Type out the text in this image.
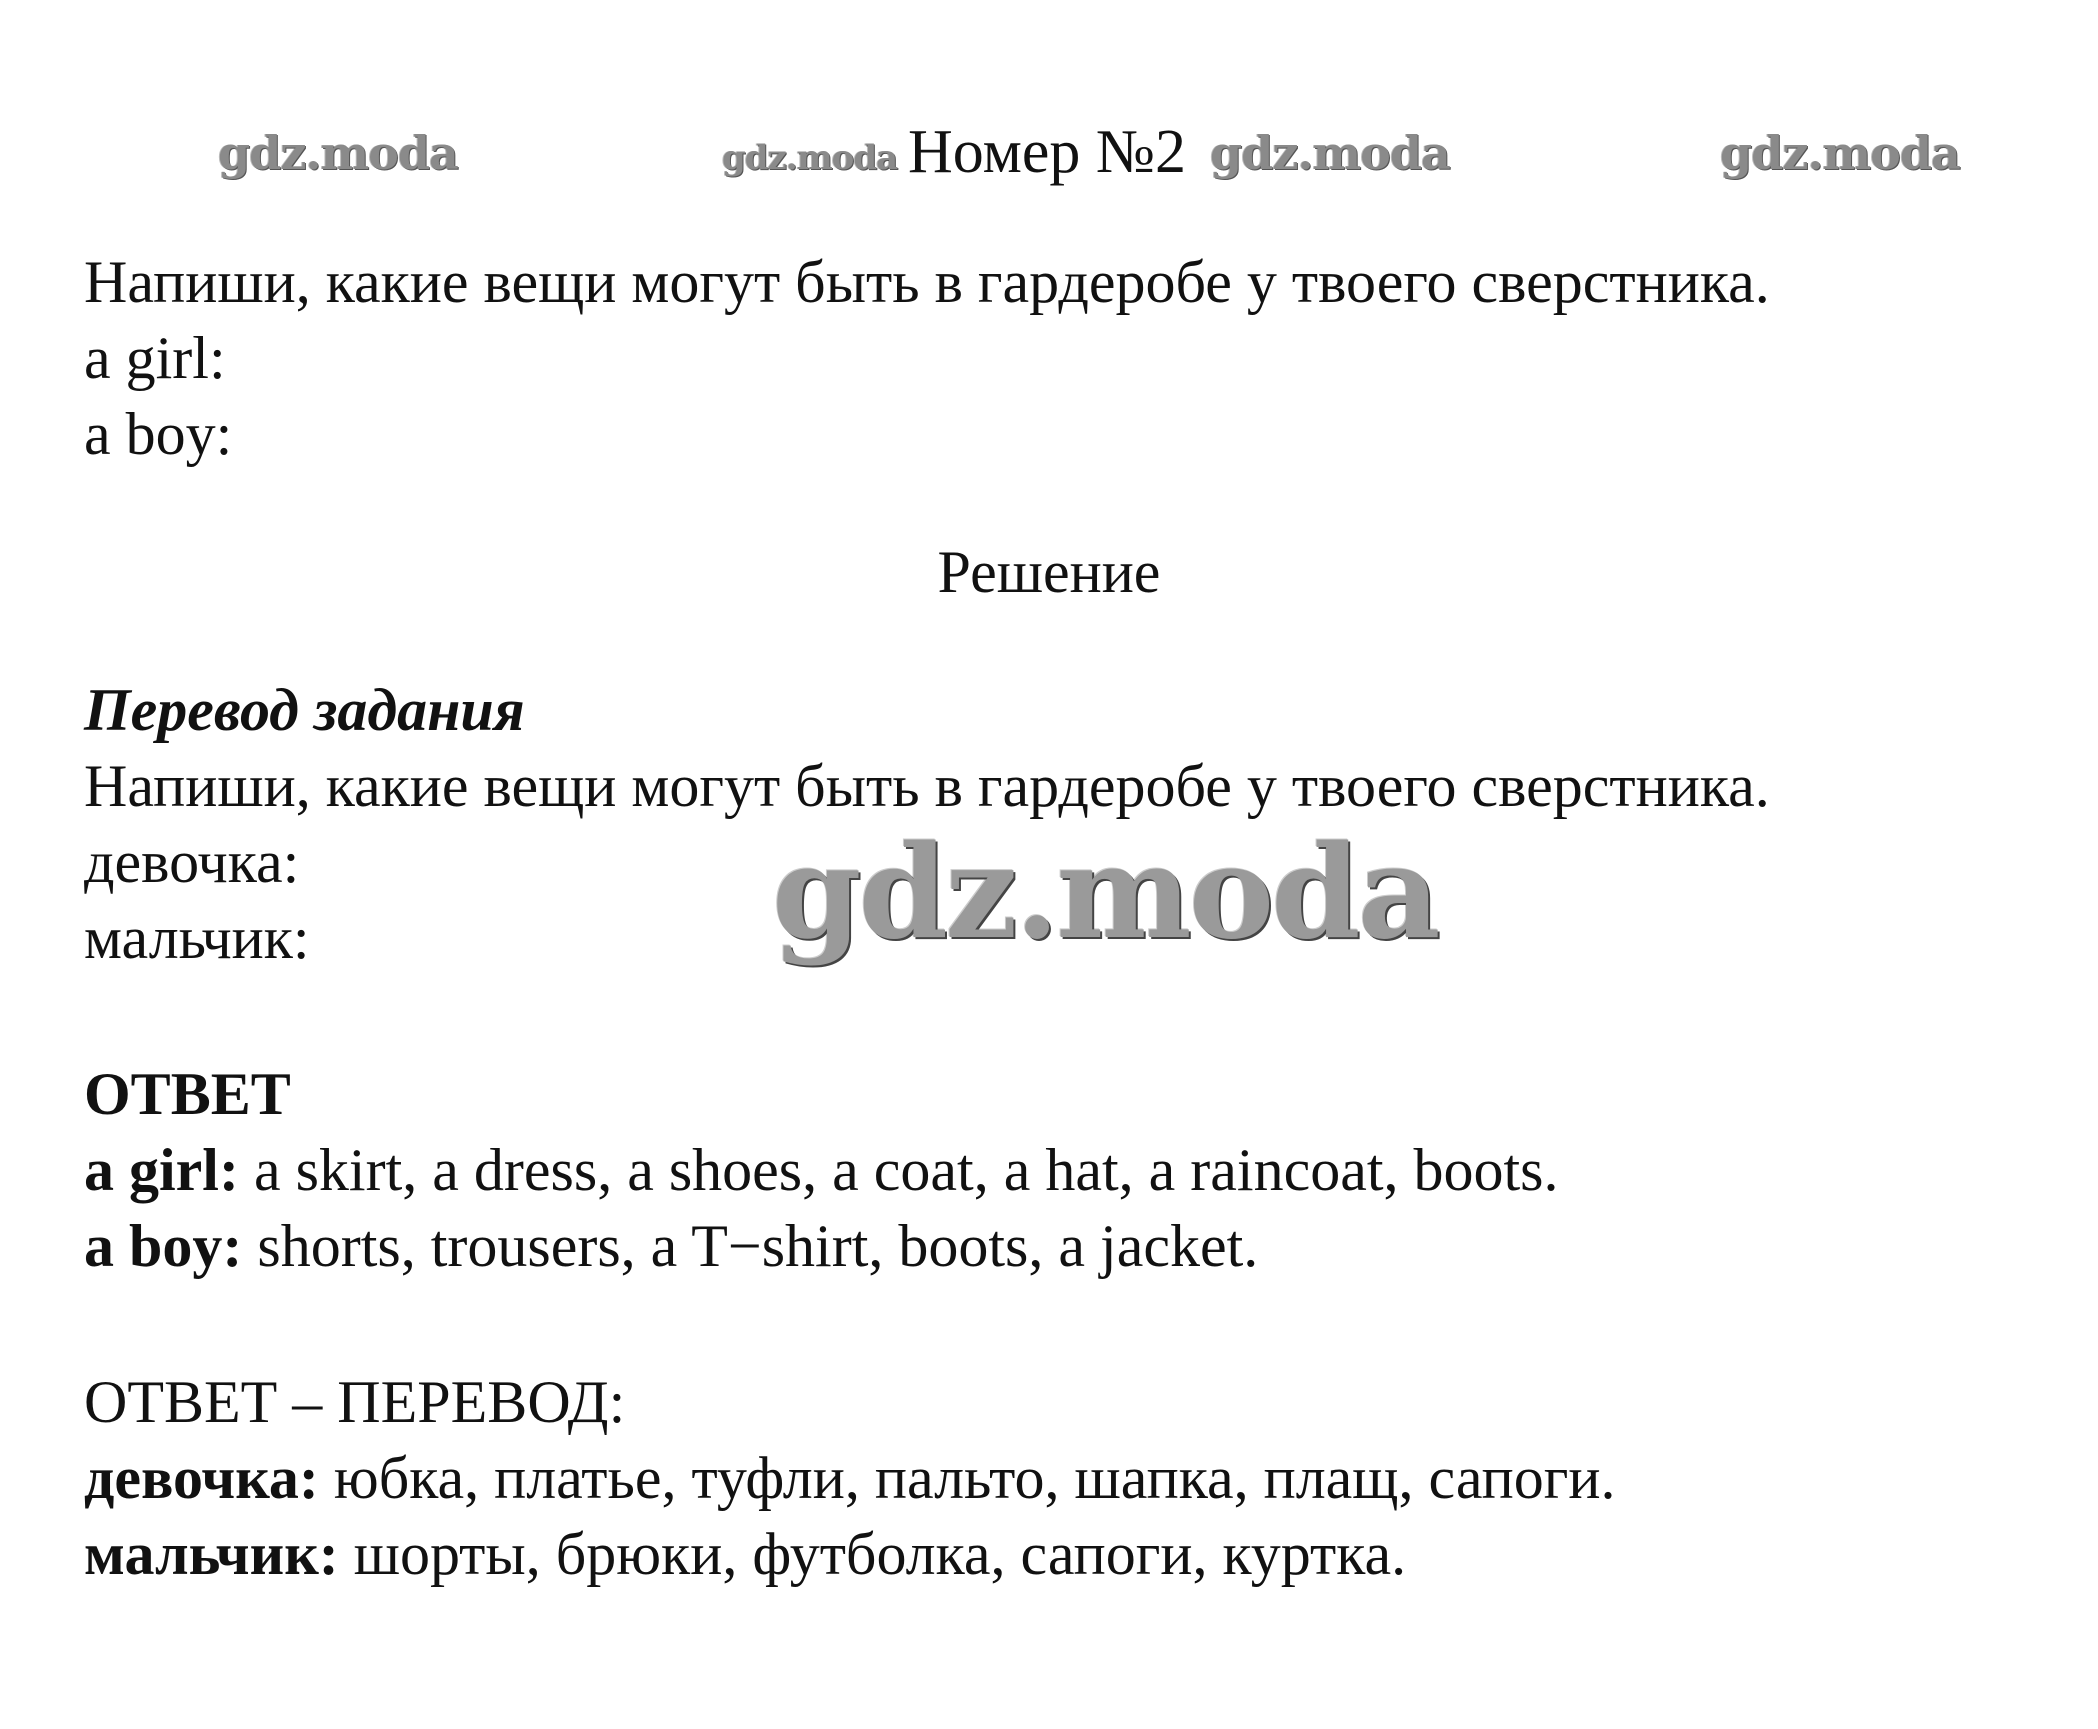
gdz.moda	gdz.moda	gdz.moda	gdz.moda
gdz.moda
Номер №2
Напиши, какие вещи могут быть в гардеробе у твоего сверстника.
a girl:
a boy:
Решение
Перевод задания
Напиши, какие вещи могут быть в гардеробе у твоего сверстника.
девочка:
мальчик:
ОТВЕТ
a girl: a skirt, a dress, a shoes, a coat, a hat, a raincoat, boots.
a boy: shorts, trousers, a T−shirt, boots, a jacket.
ОТВЕТ – ПЕРЕВОД:
девочка: юбка, платье, туфли, пальто, шапка, плащ, сапоги.
мальчик: шорты, брюки, футболка, сапоги, куртка.
